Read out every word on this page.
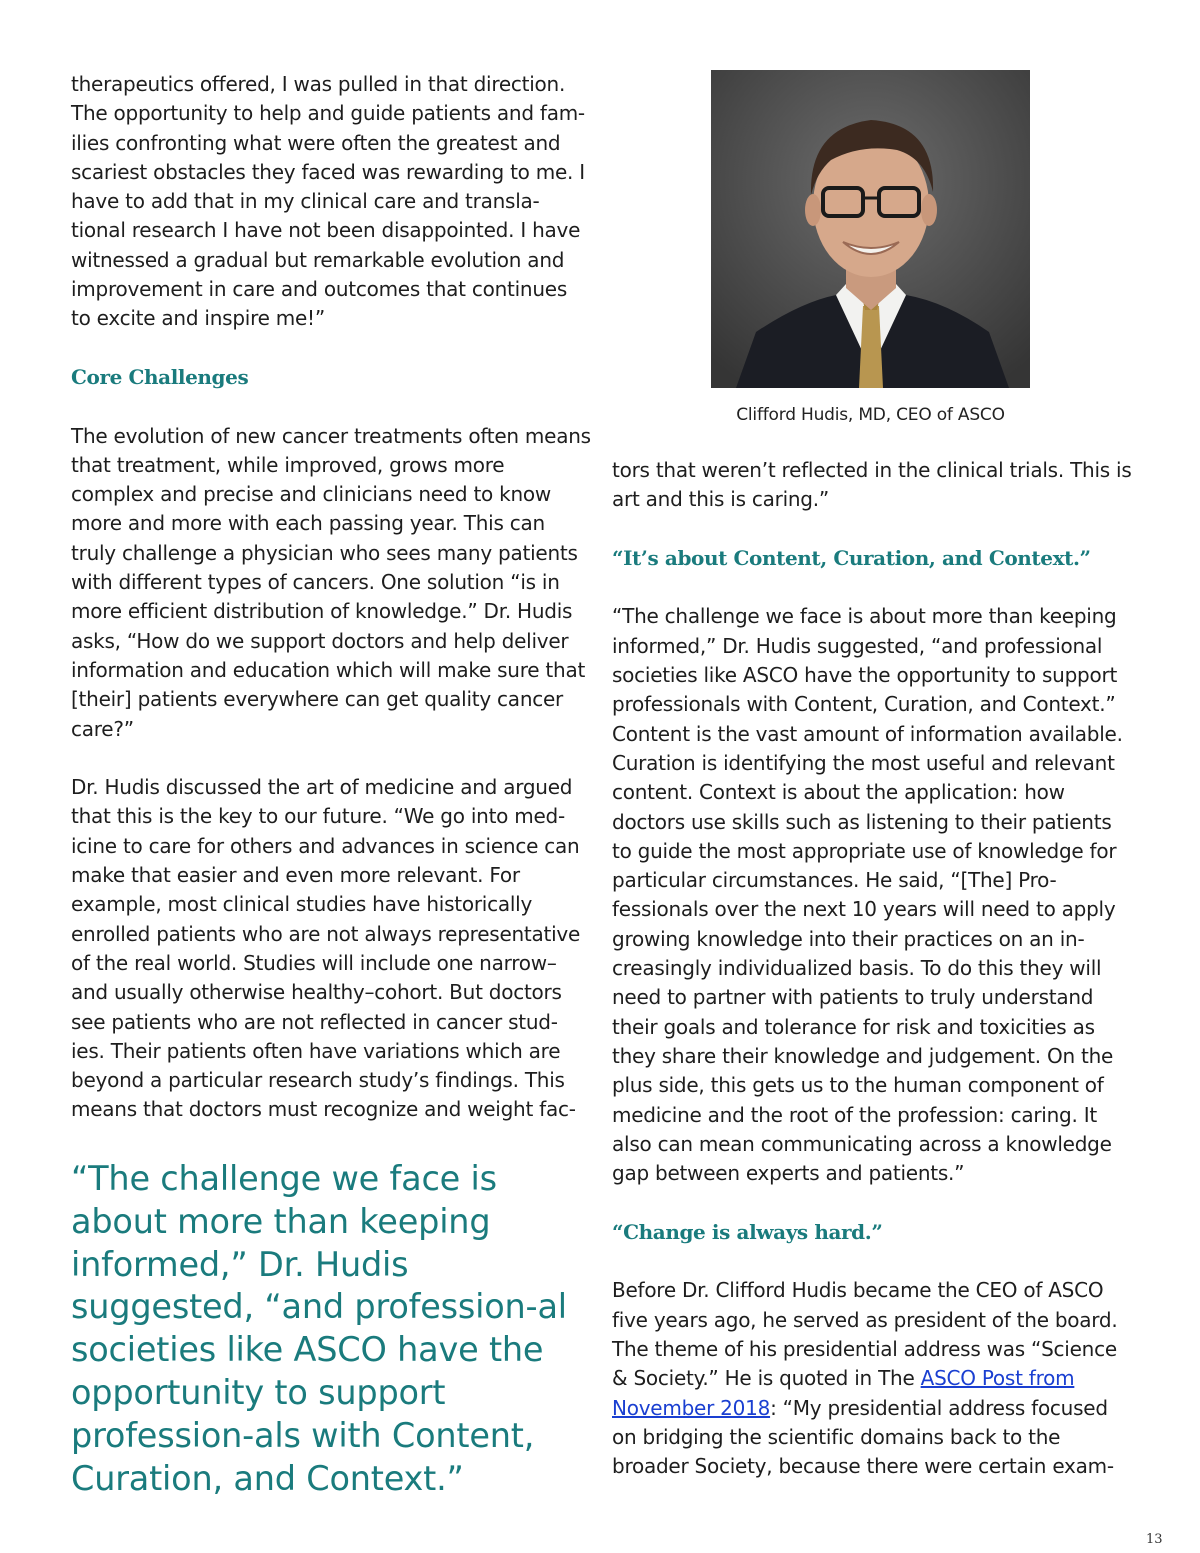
therapeutics offered, I was pulled in that direction. The opportunity to help and guide patients and fam-ilies confronting what were often the greatest and scariest obstacles they faced was rewarding to me. I have to add that in my clinical care and transla-tional research I have not been disappointed. I have witnessed a gradual but remarkable evolution and improvement in care and outcomes that continues to excite and inspire me!”

Core Challenges

The evolution of new cancer treatments often means that treatment, while improved, grows more complex and precise and clinicians need to know more and more with each passing year. This can truly challenge a physician who sees many patients with different types of cancers. One solution “is in more efficient distribution of knowledge.” Dr. Hudis asks, “How do we support doctors and help deliver information and education which will make sure that [their] patients everywhere can get quality cancer care?”

Dr. Hudis discussed the art of medicine and argued that this is the key to our future. “We go into med-icine to care for others and advances in science can make that easier and even more relevant. For example, most clinical studies have historically enrolled patients who are not always representative of the real world. Studies will include one narrow–and usually otherwise healthy–cohort. But doctors see patients who are not reflected in cancer stud-ies. Their patients often have variations which are beyond a particular research study’s findings. This means that doctors must recognize and weight fac-

“The challenge we face is about more than keeping informed,” Dr. Hudis suggested, “and profession-al societies like ASCO have the opportunity to support profession-als with Content, Curation, and Context.”

Clifford Hudis, MD, CEO of ASCO

tors that weren’t reflected in the clinical trials. This is art and this is caring.”

“It’s about Content, Curation, and Context.”

“The challenge we face is about more than keeping informed,” Dr. Hudis suggested, “and professional societies like ASCO have the opportunity to support professionals with Content, Curation, and Context.” Content is the vast amount of information available. Curation is identifying the most useful and relevant content. Context is about the application: how doctors use skills such as listening to their patients to guide the most appropriate use of knowledge for particular circumstances. He said, “[The] Pro-fessionals over the next 10 years will need to apply growing knowledge into their practices on an in-creasingly individualized basis. To do this they will need to partner with patients to truly understand their goals and tolerance for risk and toxicities as they share their knowledge and judgement. On the plus side, this gets us to the human component of medicine and the root of the profession: caring. It also can mean communicating across a knowledge gap between experts and patients.”

“Change is always hard.”

Before Dr. Clifford Hudis became the CEO of ASCO five years ago, he served as president of the board. The theme of his presidential address was “Science & Society.” He is quoted in The ASCO Post from November 2018: “My presidential address focused on bridging the scientific domains back to the broader Society, because there were certain exam-

13
